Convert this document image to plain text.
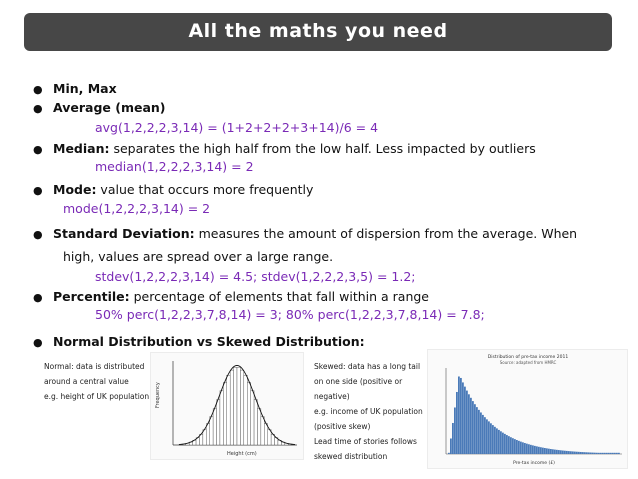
All the maths you need
● Min, Max
● Average (mean)
avg(1,2,2,2,3,14) = (1+2+2+2+3+14)/6 = 4
● Median: separates the high half from the low half. Less impacted by outliers
median(1,2,2,2,3,14) = 2
● Mode: value that occurs more frequently
mode(1,2,2,2,3,14) = 2
● Standard Deviation: measures the amount of dispersion from the average. When
high, values are spread over a large range.
stdev(1,2,2,2,3,14) = 4.5; stdev(1,2,2,2,3,5) = 1.2;
● Percentile: percentage of elements that fall within a range
50% perc(1,2,2,3,7,8,14) = 3; 80% perc(1,2,2,3,7,8,14) = 7.8;
● Normal Distribution vs Skewed Distribution:
Normal: data is distributed
around a central value
e.g. height of UK population Frequency
Height (cm)
Skewed: data has a long tail
on one side (positive or
negative)
e.g. income of UK population
(positive skew)
Lead time of stories follows
skewed distribution
Distribution of pre-tax income 2011
Source: adapted from HMRC
Pre-tax income (£)
